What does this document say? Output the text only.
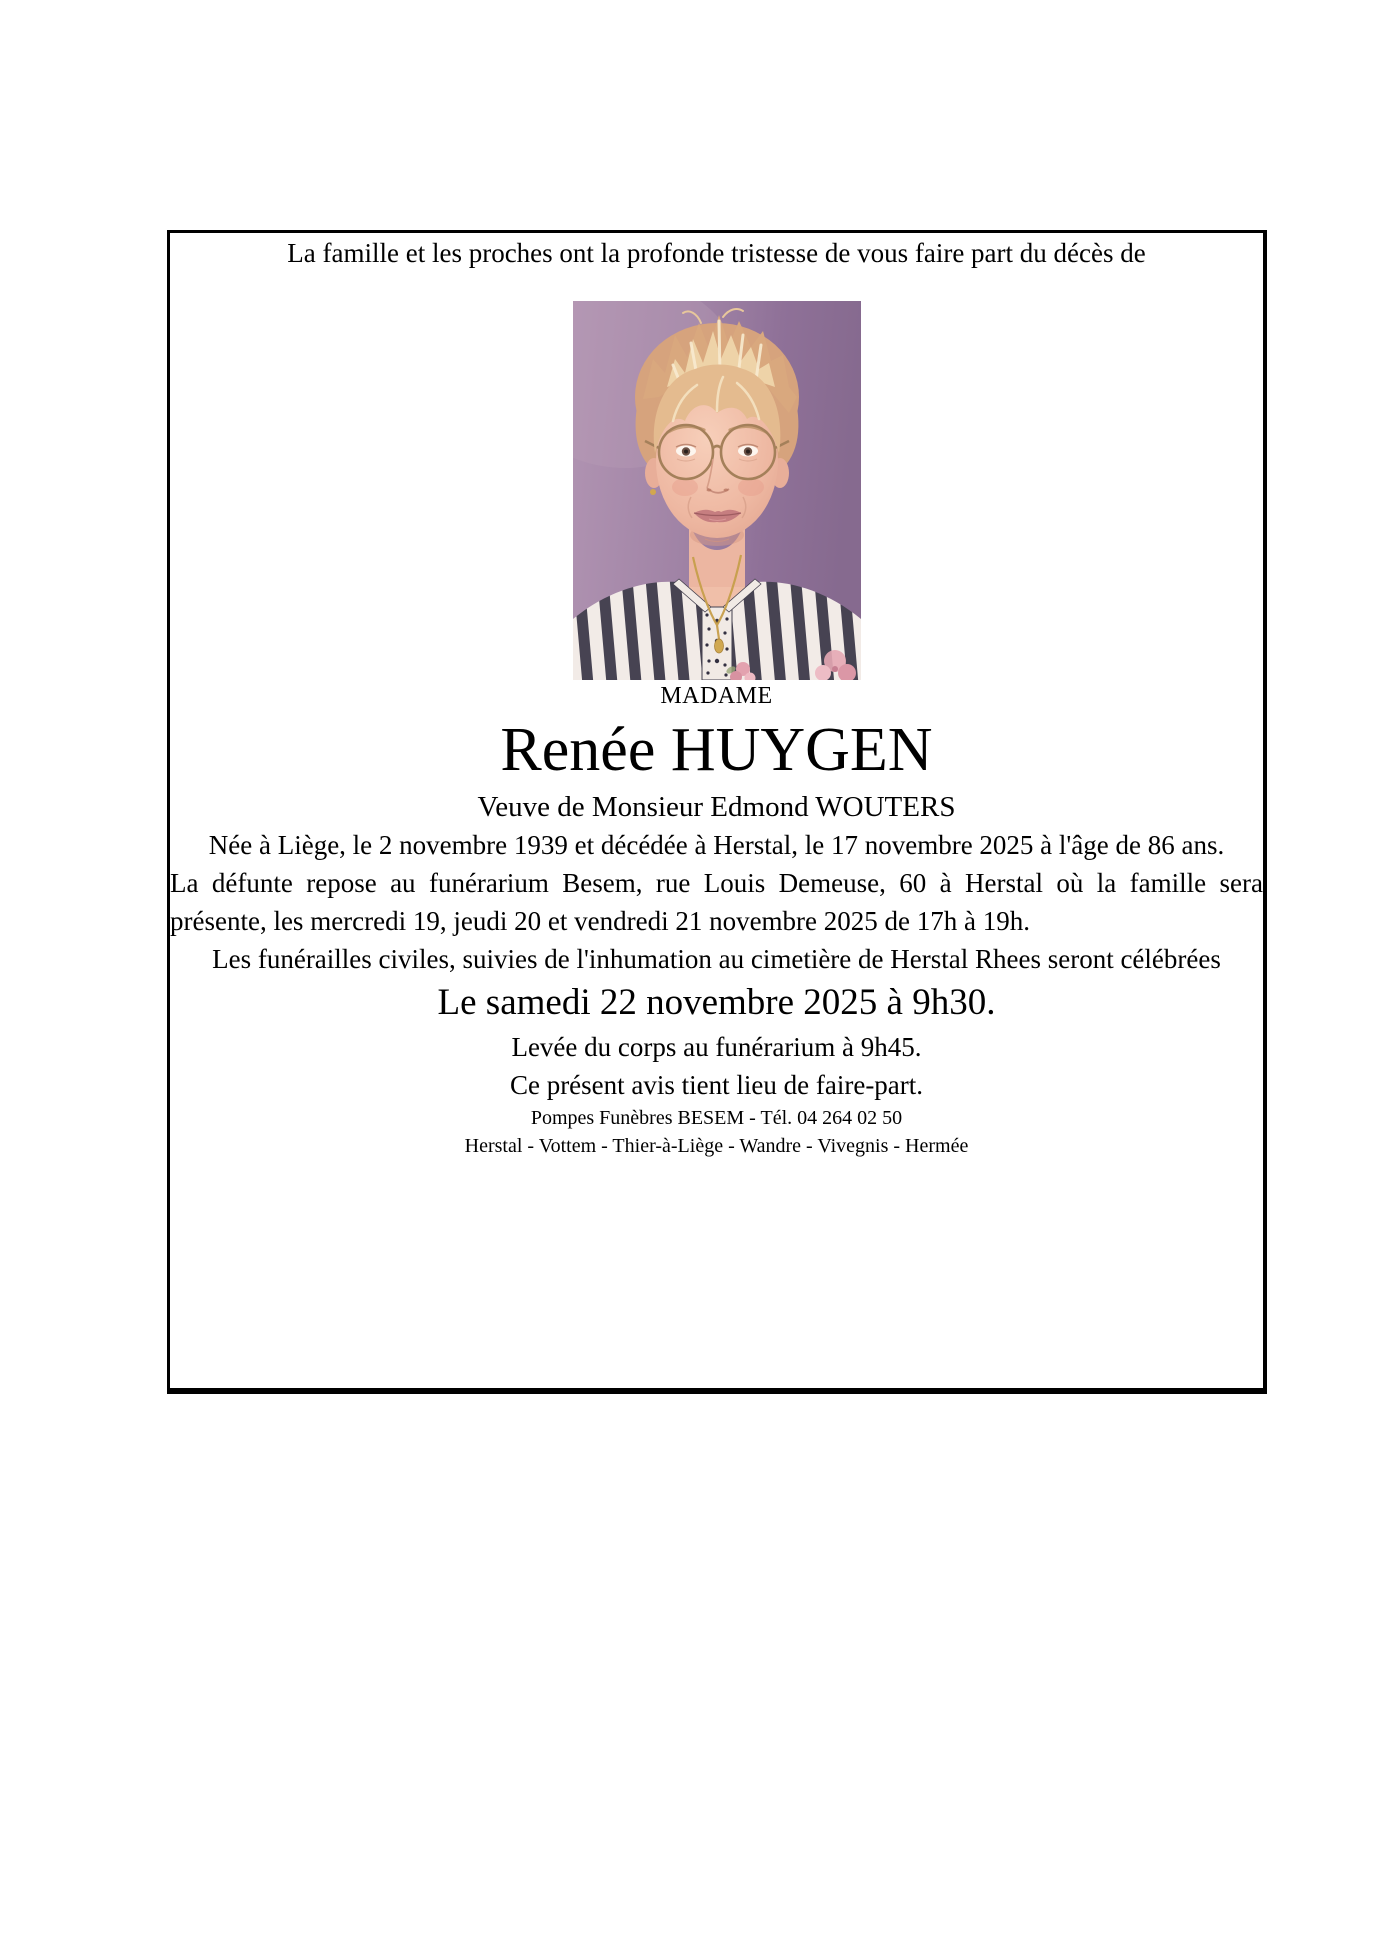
La famille et les proches ont la profonde tristesse de vous faire part du décès de

MADAME

Renée HUYGEN

Veuve de Monsieur Edmond WOUTERS

Née à Liège, le 2 novembre 1939 et décédée à Herstal, le 17 novembre 2025 à l'âge de 86 ans.

La défunte repose au funérarium Besem, rue Louis Demeuse, 60 à Herstal où la famille sera présente, les mercredi 19, jeudi 20 et vendredi 21 novembre 2025 de 17h à 19h.

Les funérailles civiles, suivies de l'inhumation au cimetière de Herstal Rhees seront célébrées

Le samedi 22 novembre 2025 à 9h30.

Levée du corps au funérarium à 9h45.

Ce présent avis tient lieu de faire-part.

Pompes Funèbres BESEM - Tél. 04 264 02 50

Herstal - Vottem - Thier-à-Liège - Wandre - Vivegnis - Hermée
